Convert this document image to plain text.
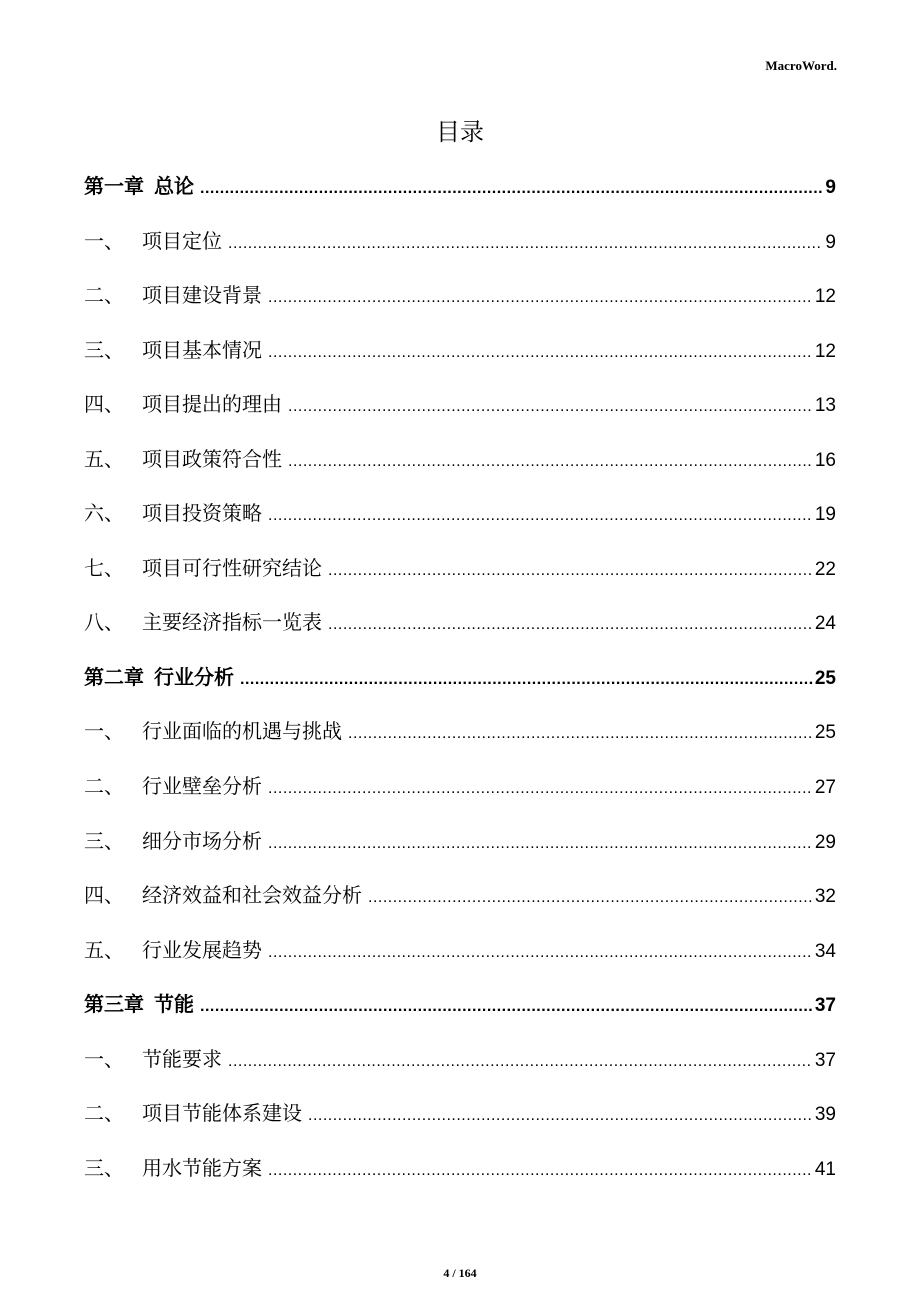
MacroWord.
目录
第一章 总论 .....	9
一、 项目定位 .....	9
二、 项目建设背景 .....	12
三、 项目基本情况 .....	12
四、 项目提出的理由 .....	13
五、 项目政策符合性 .....	16
六、 项目投资策略 .....	19
七、 项目可行性研究结论 .....	22
八、 主要经济指标一览表 .....	24
第二章 行业分析 .....	25
一、 行业面临的机遇与挑战 .....	25
二、 行业壁垒分析 .....	27
三、 细分市场分析 .....	29
四、 经济效益和社会效益分析 .....	32
五、 行业发展趋势 .....	34
第三章 节能 .....	37
一、 节能要求 .....	37
二、 项目节能体系建设 .....	39
三、 用水节能方案 .....	41
4 / 164
